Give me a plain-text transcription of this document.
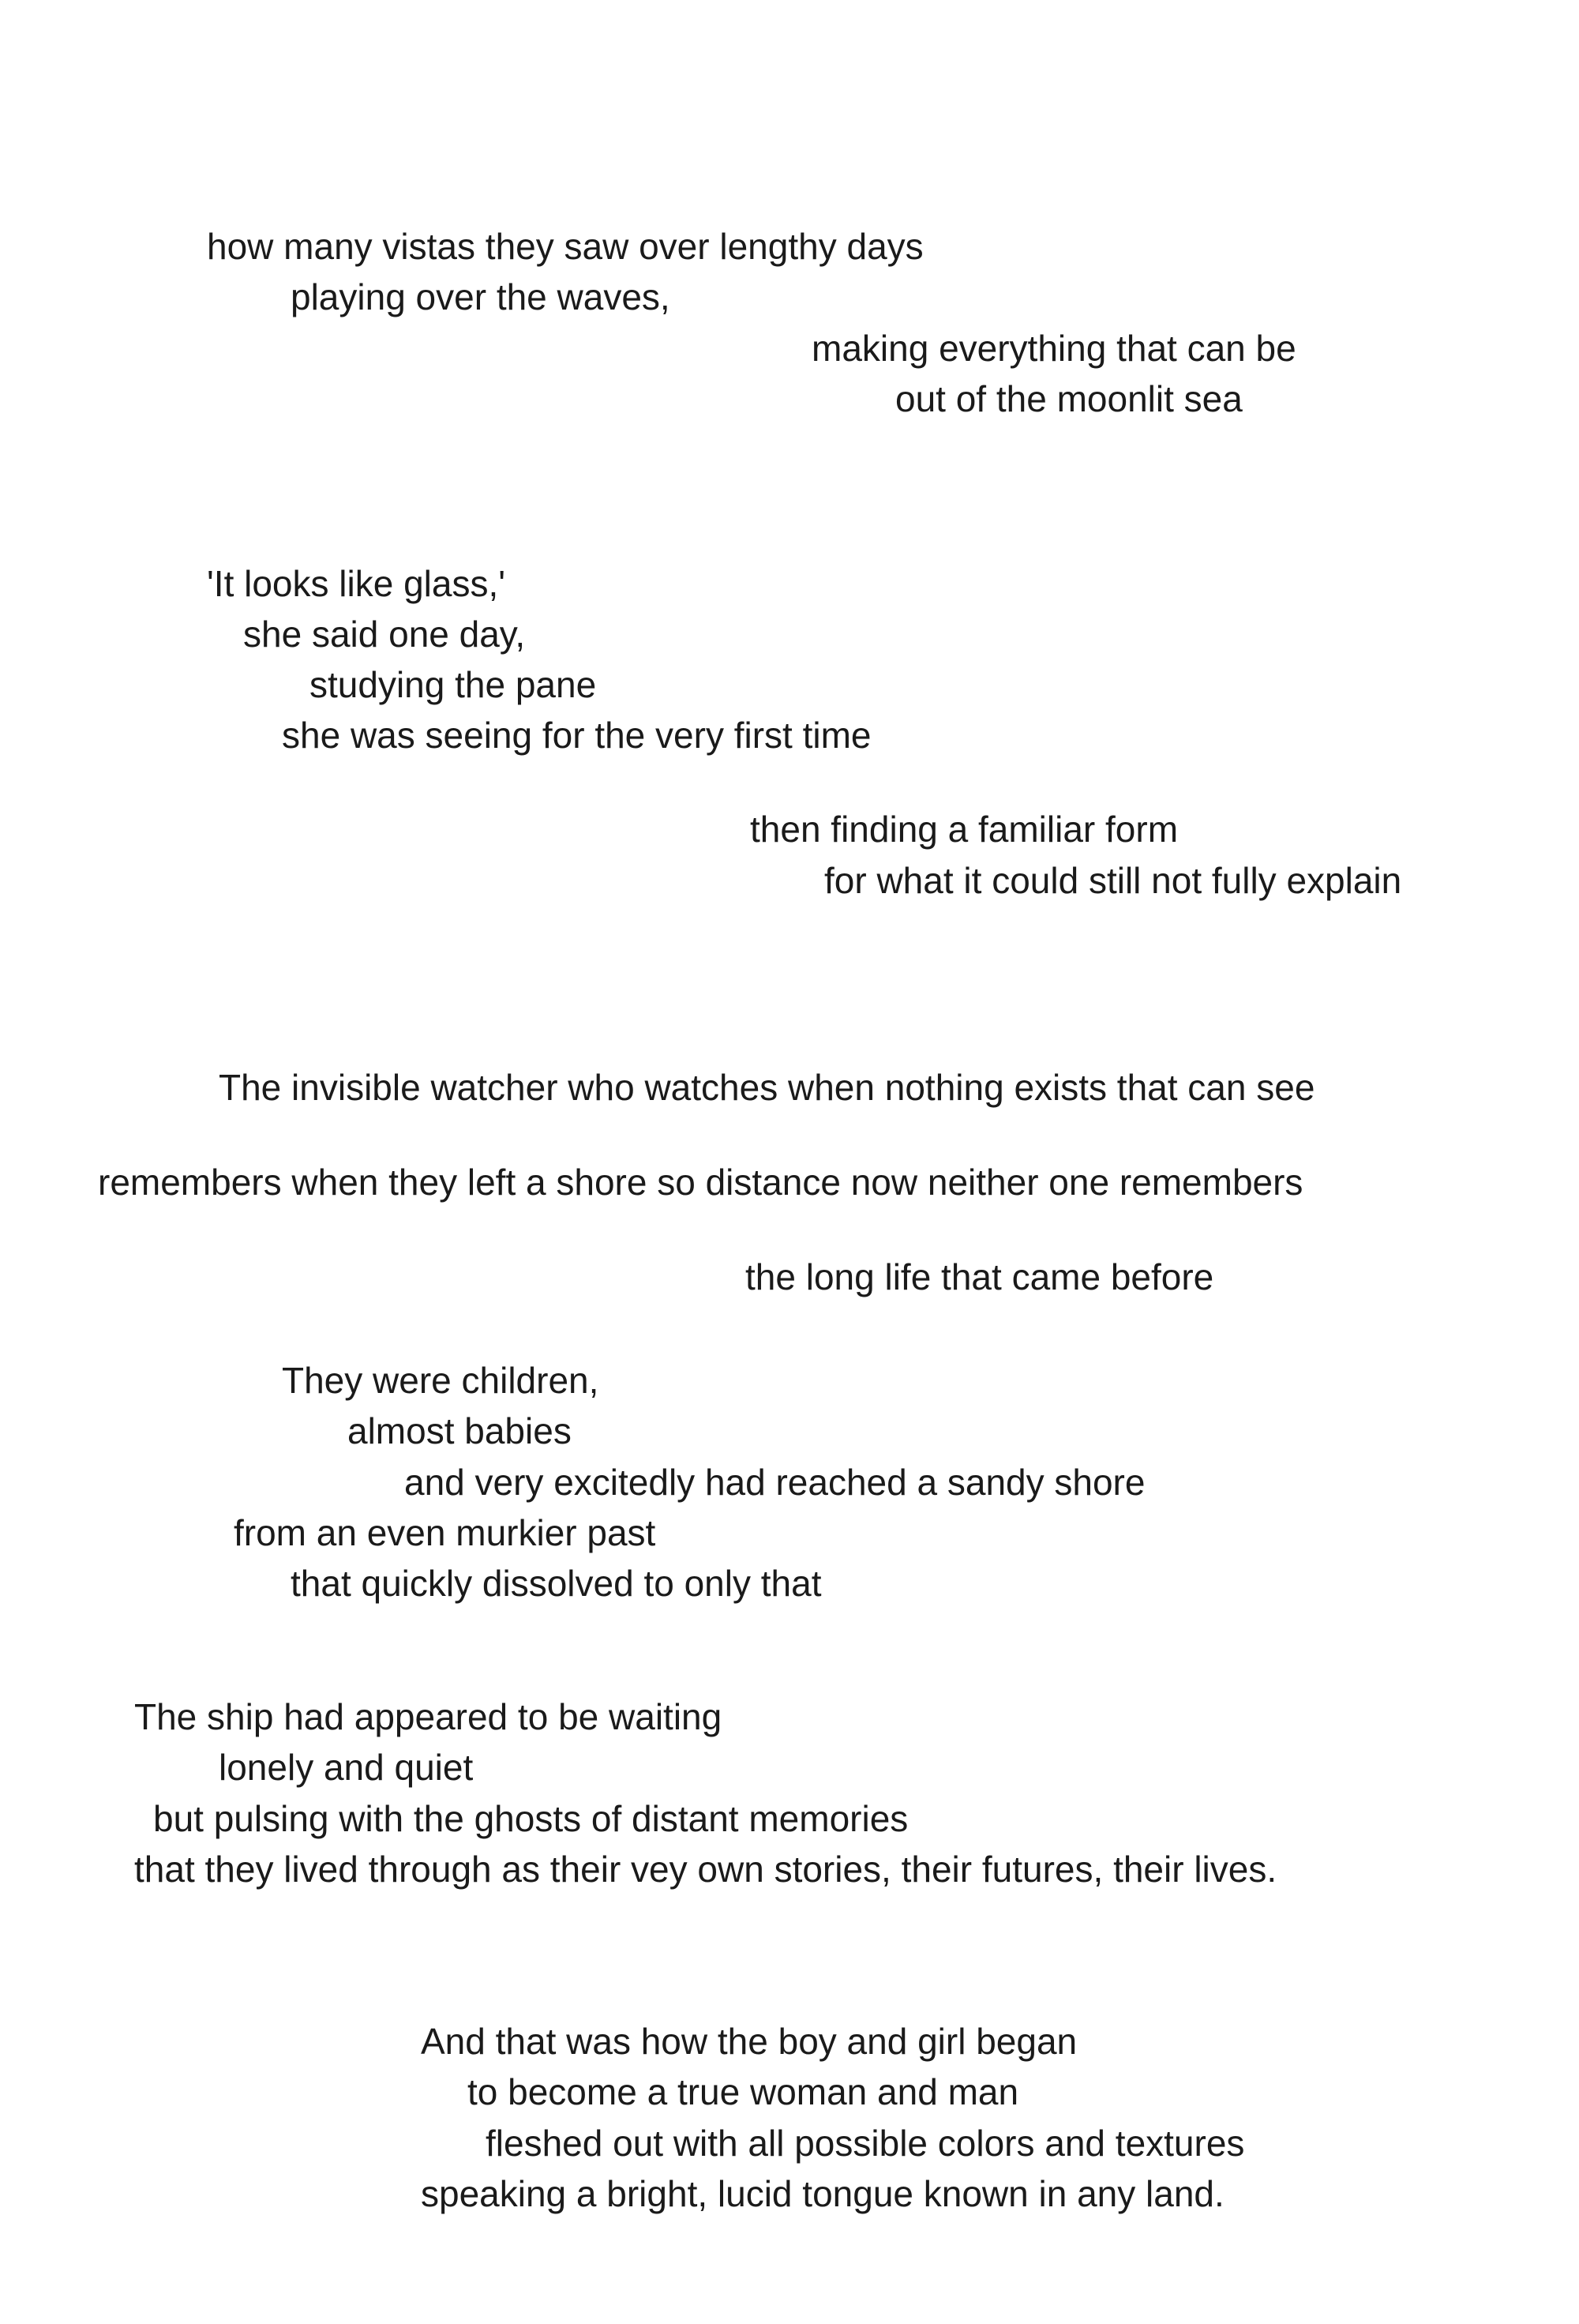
how many vistas they saw over lengthy days

playing over the waves,

making everything that can be

out of the moonlit sea

'It looks like glass,'

she said one day,

studying the pane

she was seeing for the very first time

then finding a familiar form

for what it could still not fully explain

The invisible watcher who watches when nothing exists that can see

remembers when they left a shore so distance now neither one remembers

the long life that came before

They were children,

almost babies

and very excitedly had reached a sandy shore

from an even murkier past

that quickly dissolved to only that

The ship had appeared to be waiting

lonely and quiet

but pulsing with the ghosts of distant memories

that they lived through as their vey own stories, their futures, their lives.

And that was how the boy and girl began

to become a true woman and man

fleshed out with all possible colors and textures

speaking a bright, lucid tongue known in any land.
